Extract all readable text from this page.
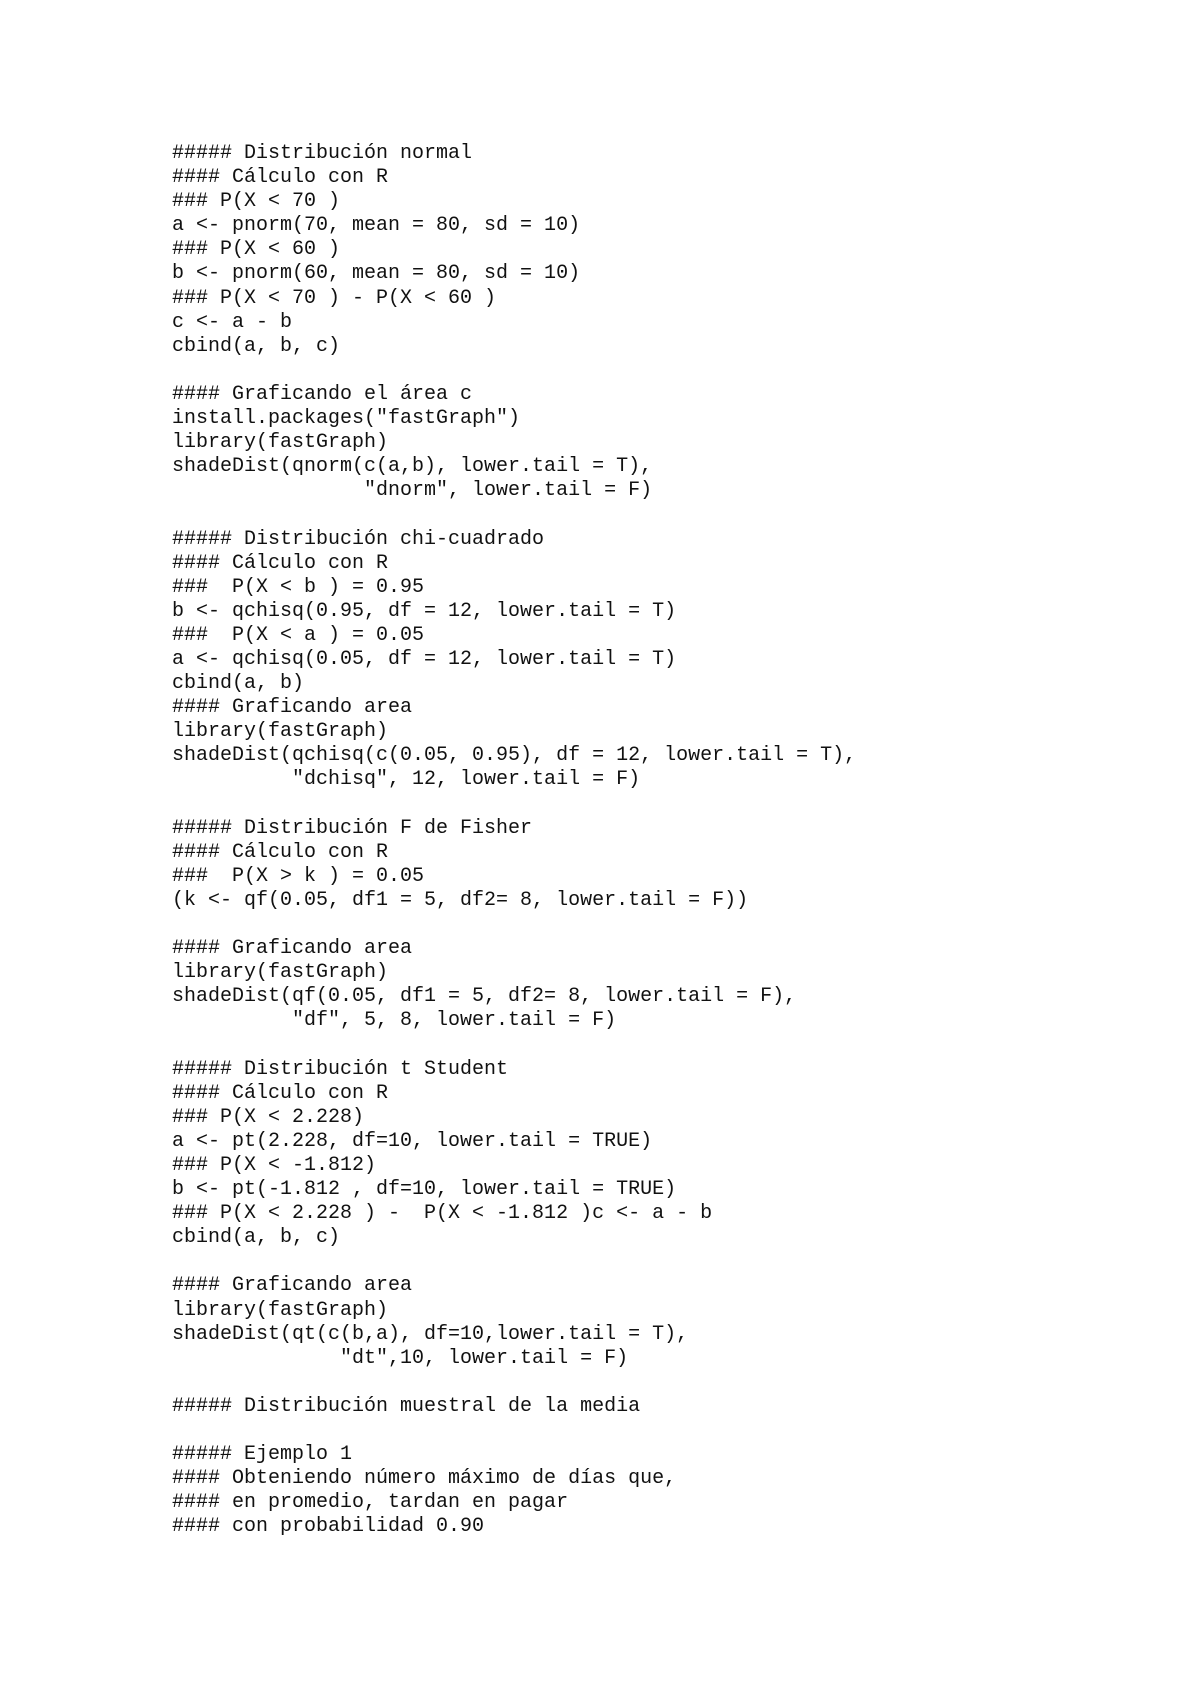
##### Distribución normal
#### Cálculo con R
### P(X < 70 )
a <- pnorm(70, mean = 80, sd = 10)
### P(X < 60 )
b <- pnorm(60, mean = 80, sd = 10)
### P(X < 70 ) - P(X < 60 )
c <- a - b
cbind(a, b, c)
#### Graficando el área c
install.packages("fastGraph")
library(fastGraph)
shadeDist(qnorm(c(a,b), lower.tail = T),
"dnorm", lower.tail = F)
##### Distribución chi-cuadrado
#### Cálculo con R
###  P(X < b ) = 0.95
b <- qchisq(0.95, df = 12, lower.tail = T)
###  P(X < a ) = 0.05
a <- qchisq(0.05, df = 12, lower.tail = T)
cbind(a, b)
#### Graficando area
library(fastGraph)
shadeDist(qchisq(c(0.05, 0.95), df = 12, lower.tail = T),
"dchisq", 12, lower.tail = F)
##### Distribución F de Fisher
#### Cálculo con R
###  P(X > k ) = 0.05
(k <- qf(0.05, df1 = 5, df2= 8, lower.tail = F))
#### Graficando area
library(fastGraph)
shadeDist(qf(0.05, df1 = 5, df2= 8, lower.tail = F),
"df", 5, 8, lower.tail = F)
##### Distribución t Student
#### Cálculo con R
### P(X < 2.228)
a <- pt(2.228, df=10, lower.tail = TRUE)
### P(X < -1.812)
b <- pt(-1.812 , df=10, lower.tail = TRUE)
### P(X < 2.228 ) -  P(X < -1.812 )c <- a - b
cbind(a, b, c)
#### Graficando area
library(fastGraph)
shadeDist(qt(c(b,a), df=10,lower.tail = T),
"dt",10, lower.tail = F)
##### Distribución muestral de la media
##### Ejemplo 1
#### Obteniendo número máximo de días que,
#### en promedio, tardan en pagar
#### con probabilidad 0.90
